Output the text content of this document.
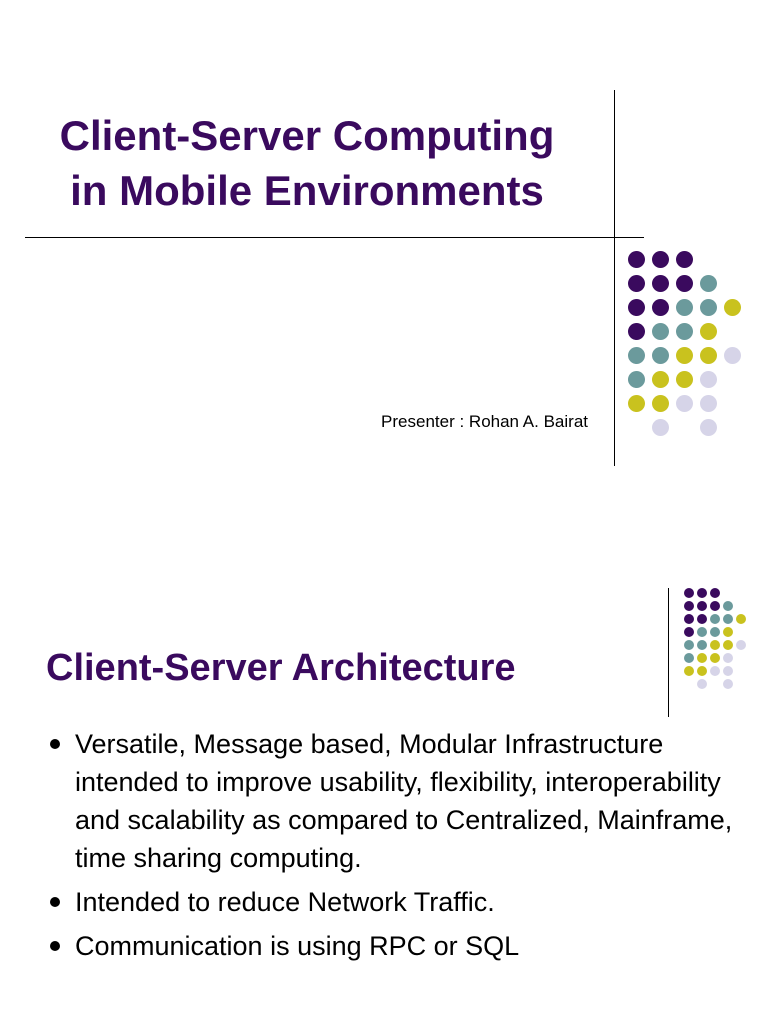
Client-Server Computing
in Mobile Environments
Presenter : Rohan A. Bairat
Client-Server Architecture
Versatile, Message based, Modular Infrastructure intended to improve usability, flexibility, interoperability and scalability as compared to Centralized, Mainframe, time sharing computing.
Intended to reduce Network Traffic.
Communication is using RPC or SQL
